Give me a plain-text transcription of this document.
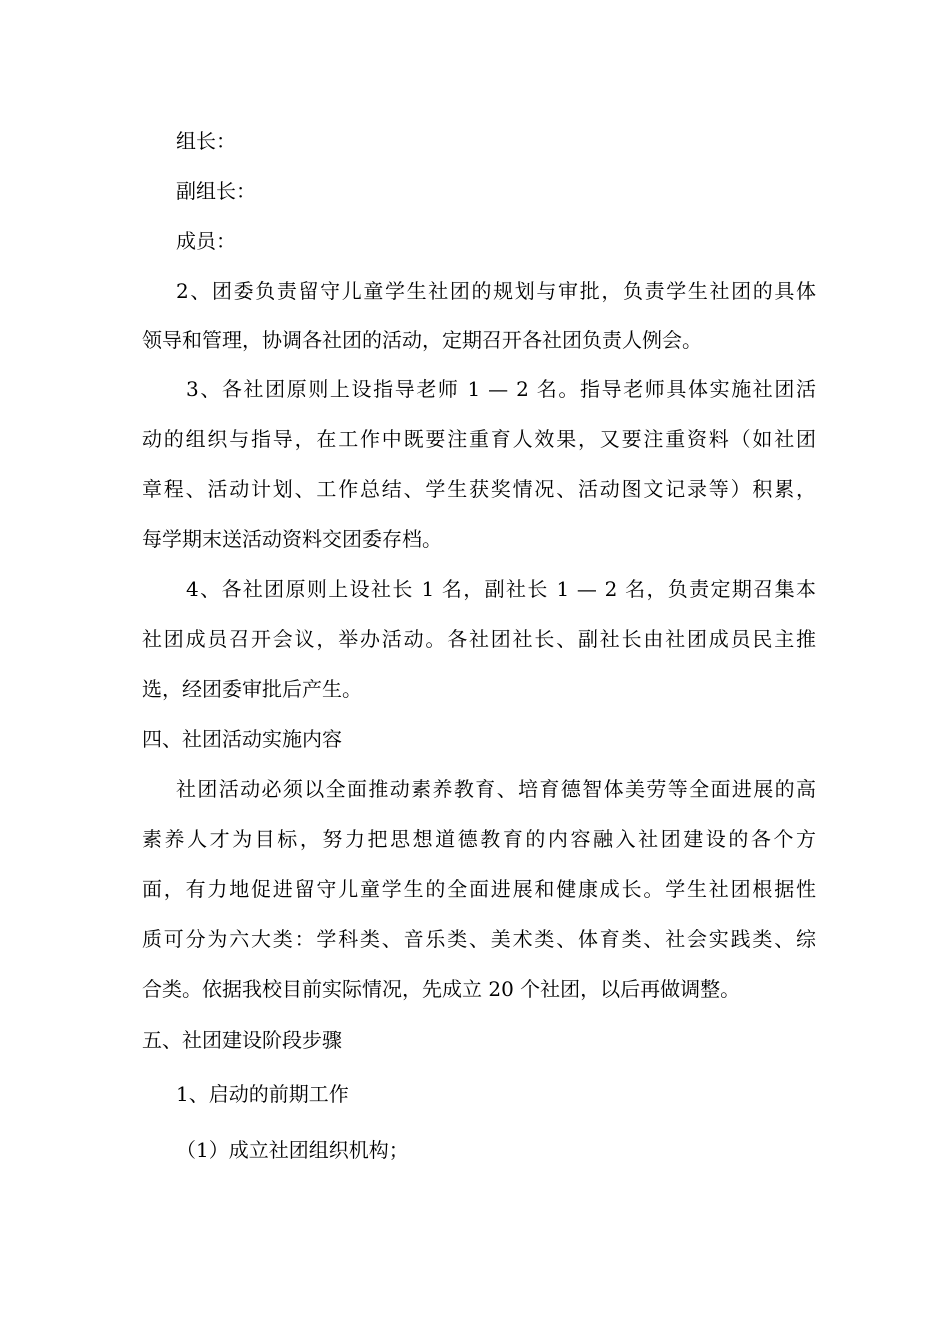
组长：
副组长：
成员：
2、团委负责留守儿童学生社团的规划与审批，负责学生社团的具体
领导和管理，协调各社团的活动，定期召开各社团负责人例会。
3、各社团原则上设指导老师 1 — 2 名。指导老师具体实施社团活
动的组织与指导，在工作中既要注重育人效果，又要注重资料（如社团
章程、活动计划、工作总结、学生获奖情况、活动图文记录等）积累，
每学期末送活动资料交团委存档。
4、各社团原则上设社长 1 名，副社长 1 — 2 名，负责定期召集本
社团成员召开会议，举办活动。各社团社长、副社长由社团成员民主推
选，经团委审批后产生。
四、社团活动实施内容
社团活动必须以全面推动素养教育、培育德智体美劳等全面进展的高
素养人才为目标，努力把思想道德教育的内容融入社团建设的各个方
面，有力地促进留守儿童学生的全面进展和健康成长。学生社团根据性
质可分为六大类：学科类、音乐类、美术类、体育类、社会实践类、综
合类。依据我校目前实际情况，先成立 20 个社团，以后再做调整。
五、社团建设阶段步骤
1、启动的前期工作
（1）成立社团组织机构；
